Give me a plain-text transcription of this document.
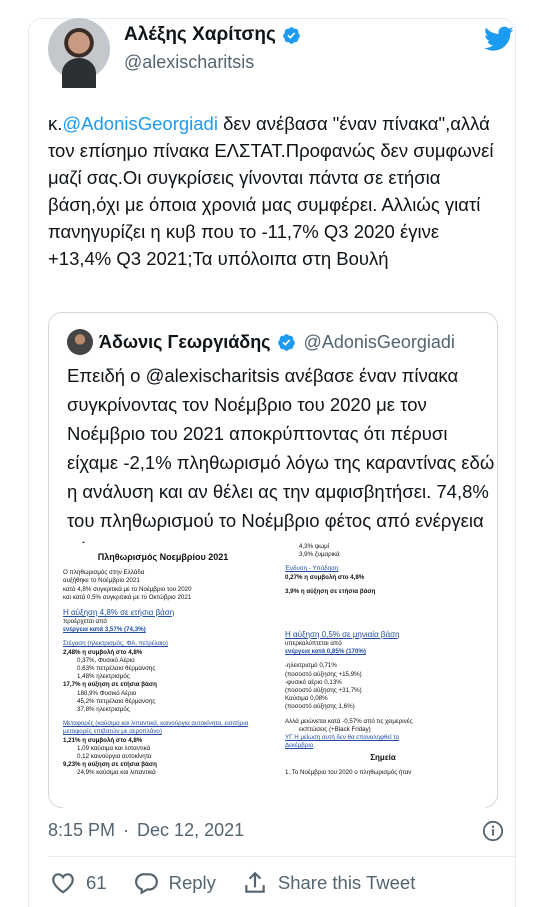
Αλέξης Χαρίτσης
@alexischaritsis
κ.@AdonisGeorgiadi δεν ανέβασα "έναν πίνακα",αλλά τον επίσημο πίνακα ΕΛΣΤΑΤ.Προφανώς δεν συμφωνεί μαζί σας.Οι συγκρίσεις γίνονται πάντα σε ετήσια βάση,όχι με όποια χρονιά μας συμφέρει. Αλλιώς γιατί πανηγυρίζει η κυβ που το -11,7% Q3 2020 έγινε +13,4% Q3 2021;Τα υπόλοιπα στη Βουλή
Άδωνις Γεωργιάδης @AdonisGeorgiadi
Επειδή ο @alexischaritsis ανέβασε έναν πίνακα συγκρίνοντας τον Νοέμβριο του 2020 με τον Νοέμβριο του 2021 αποκρύπτοντας ότι πέρυσι είχαμε -2,1% πληθωρισμό λόγω της καραντίνας εδώ η ανάλυση και αν θέλει ας την αμφισβητήσει. 74,8% του πληθωρισμού το Νοέμβριο φέτος από ενέργεια
Πληθωρισμός Νοεμβρίου 2021
Ο πληθωρισμός στην Ελλάδα
αυξήθηκε το Νοέμβριο 2021
κατά 4,8% συγκριτικά με το Νοέμβριο του 2020
και κατά 0,5% συγκριτικά με το Οκτώβριο 2021
Η αύξηση 4,8% σε ετήσια βάση
προέρχεται από
ενέργεια κατά 3,57% (74,3%)
Στέγαση (ηλεκτρισμός, ΦΑ, πετρέλαιο)
2,48% η συμβολή στο 4,8%
0,37%, Φυσικό Αέριο
0,63% πετρέλαιο θέρμανσης
1,48% ηλεκτρισμός
17,7% η αύξηση σε ετήσια βάση
180,9% Φυσικό Αέριο
45,2% πετρέλαιο θέρμανσης
37,8% ηλεκτρισμός
Μεταφορές (καύσιμα και λιπαντικά, καινούργια αυτοκίνητα, εισιτήρια μεταφορές επιβατών με αεροπλάνο)
1,21% η συμβολή στο 4,8%
1,09 καύσιμα και λιπαντικά
0,12 καινούργια αυτοκίνητα
9,23% η αύξηση σε ετήσια βάση
24,9% καύσιμα και λιπαντικά
4,3% ψωμί
3,9% ζυμαρικά
Ένδυση - Υπόδηση
0,27% η συμβολή στο 4,8%
3,9% η αύξηση σε ετήσια βάση
Η αύξηση 0,5% σε μηνιαία βάση
υπερκαλύπτεται από
ενέργεια κατά 0,85% (170%)
-ηλεκτρισμό 0,71%
(ποσοστό αύξησης +15,9%)
-φυσικό αέριο 0,13%
(ποσοστό αύξησης +31,7%)
Καύσιμα 0,08%
(ποσοστό αύξησης 1,6%)
Αλλά μειώνεται κατά -0,57% από τις χειμερινές
εκπτώσεις (+Black Friday)
ΥΓ Η μείωση αυτή δεν θα επαναληφθεί το
Δεκέμβριο
Σημεία
1. Το Νοέμβριο του 2020 ο πληθωρισμός ήταν
8:15 PM · Dec 12, 2021
61	Reply	Share this Tweet
